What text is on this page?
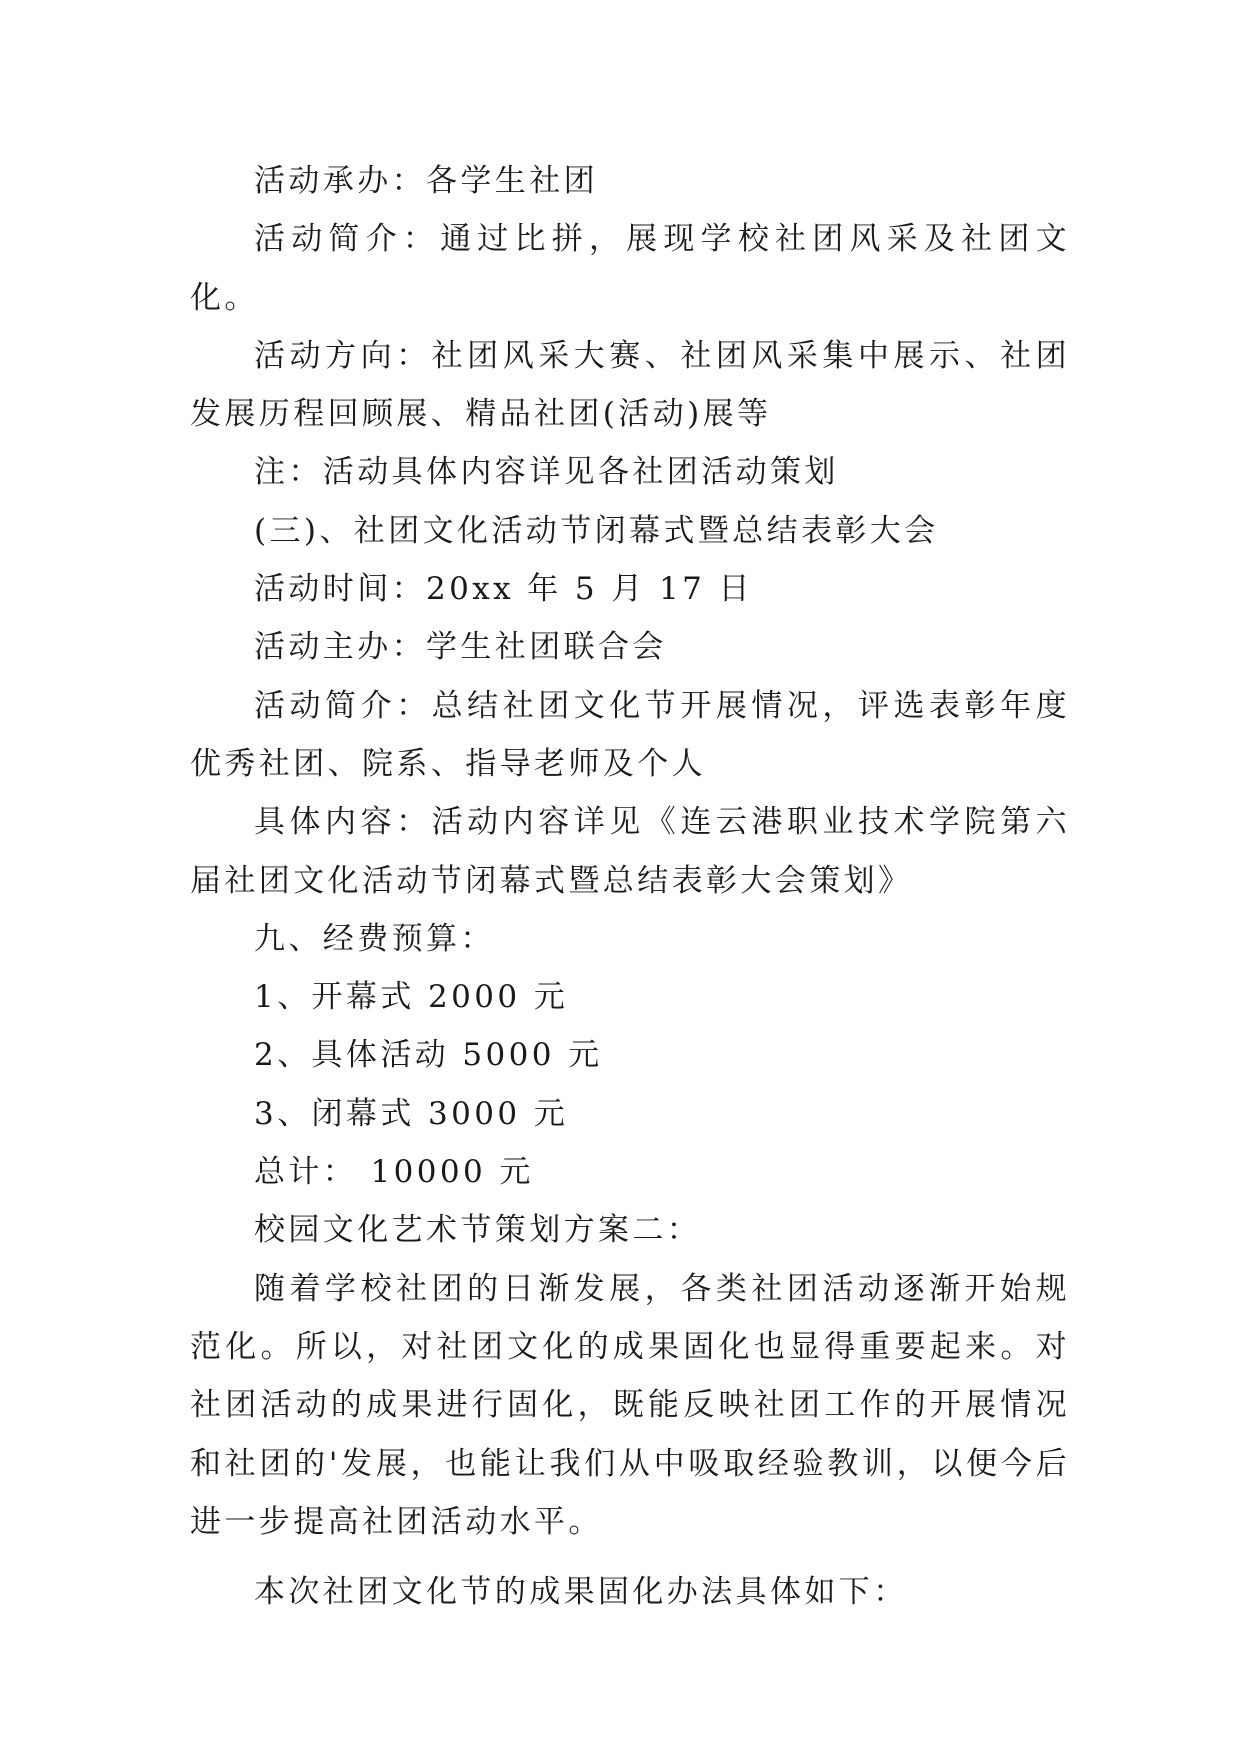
活动承办：各学生社团

活动简介：通过比拼，展现学校社团风采及社团文化。

活动方向：社团风采大赛、社团风采集中展示、社团发展历程回顾展、精品社团(活动)展等

注：活动具体内容详见各社团活动策划

(三)、社团文化活动节闭幕式暨总结表彰大会

活动时间：20xx 年 5 月 17 日

活动主办：学生社团联合会

活动简介：总结社团文化节开展情况，评选表彰年度优秀社团、院系、指导老师及个人

具体内容：活动内容详见《连云港职业技术学院第六届社团文化活动节闭幕式暨总结表彰大会策划》

九、经费预算：

1、开幕式 2000 元

2、具体活动 5000 元

3、闭幕式 3000 元

总计： 10000 元

校园文化艺术节策划方案二：

随着学校社团的日渐发展，各类社团活动逐渐开始规范化。所以，对社团文化的成果固化也显得重要起来。对社团活动的成果进行固化，既能反映社团工作的开展情况和社团的'发展，也能让我们从中吸取经验教训，以便今后进一步提高社团活动水平。

本次社团文化节的成果固化办法具体如下：
